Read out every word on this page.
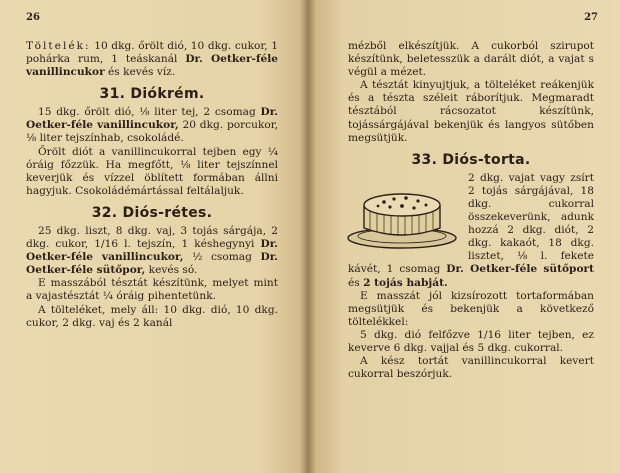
26

Töltelék: 10 dkg. őrölt dió, 10 dkg. cukor, 1 pohárka rum, 1 teáskanál Dr. Oetker-féle vanillincukor és kevés víz.

31. Diókrém.

15 dkg. őrölt dió, ⅛ liter tej, 2 csomag Dr. Oetker-féle vanillincukor, 20 dkg. porcukor, ⅛ liter tejszínhab, csokoládé.

Őrölt diót a vanillincukorral tejben egy ¼ óráig főzzük. Ha megfőtt, ⅛ liter tejszínnel keverjük és vízzel öblített formában állni hagyjuk. Csokoládémártással feltálaljuk.

32. Diós-rétes.

25 dkg. liszt, 8 dkg. vaj, 3 tojás sárgája, 2 dkg. cukor, 1/16 l. tejszín, 1 késhegynyi Dr. Oetker-féle vanillincukor, ½ csomag Dr. Oetker-féle sütőpor, kevés só.

E masszából tésztát készítünk, melyet mint a vajastésztát ¼ óráig pihentetünk.

A tölteléket, mely áll: 10 dkg. dió, 10 dkg. cukor, 2 dkg. vaj és 2 kanál

27

mézből elkészítjük. A cukorból szirupot készítünk, beletesszük a darált diót, a vajat s végül a mézet.

A tésztát kinyujtjuk, a tölteléket reákenjük és a tészta széleit ráborítjuk. Megmaradt tésztából rácsozatot készítünk, tojássárgájával bekenjük és langyos sütőben megsütjük.

33. Diós-torta.

2 dkg. vajat vagy zsírt 2 tojás sárgájával, 18 dkg. cukorral összekeverünk, adunk hozzá 2 dkg. diót, 2 dkg. kakaót, 18 dkg. lisztet, ⅛ l. fekete kávét, 1 csomag Dr. Oetker-féle sütőport és 2 tojás habját.

E masszát jól kizsírozott tortaformában megsütjük és bekenjük a következő töltelékkel:

5 dkg. dió felfőzve 1/16 liter tejben, ez keverve 6 dkg. vajjal és 5 dkg. cukorral.

A kész tortát vanillincukorral kevert cukorral beszórjuk.
